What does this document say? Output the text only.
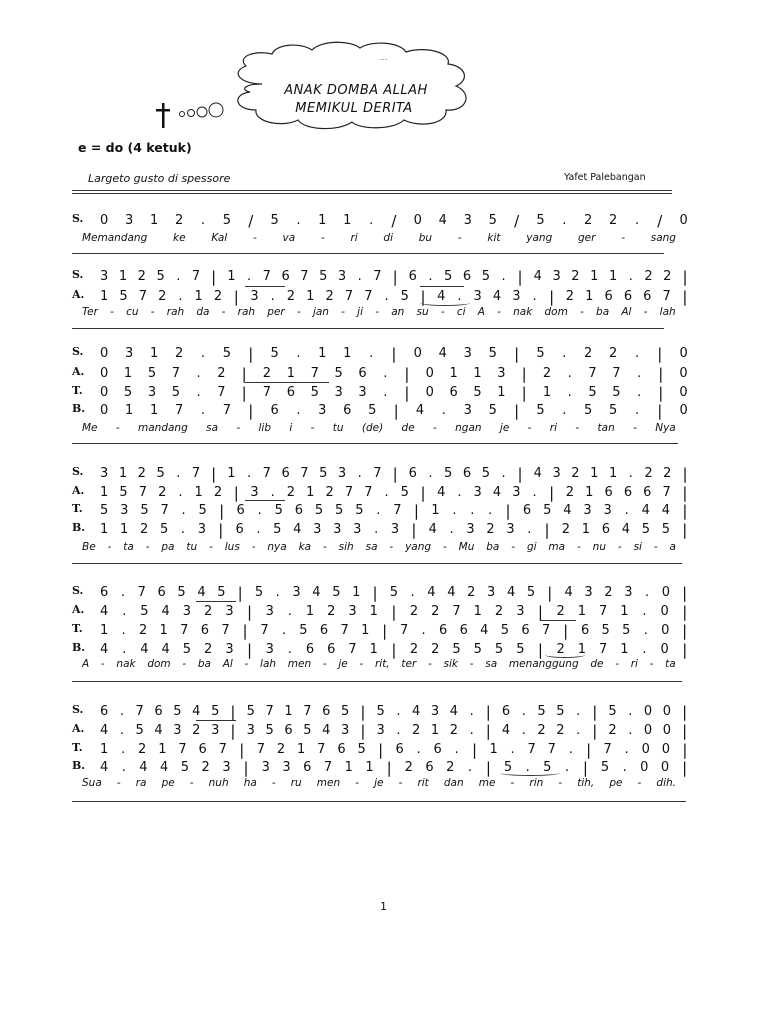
ANAK DOMBA ALLAH
MEMIKUL DERITA
...
e = do (4 ketuk)
Largeto gusto di spessore	Yafet Palebangan
S. 0 3 1 2 . 5 / 5 . 1 1 . / 0 4 3 5 / 5 . 2 2 . / 0
Memandang ke Kal - va - ri di bu - kit yang ger - sang
S. 3 1 2 5 . 7 | 1 . 7 6 7 5 3 . 7 | 6 . 5 6 5 . | 4 3 2 1 1 . 2 2 |
A. 1 5 7 2 . 1 2 | 3 . 2 1 2 7 7 . 5 | 4 . 3 4 3 . | 2 1 6 6 6 7 |
Ter - cu - rah da - rah per - jan - ji - an su - ci A - nak dom - ba Al - lah
S. 0 3 1 2 . 5 | 5 . 1 1 . | 0 4 3 5 | 5 . 2 2 . | 0
A. 0 1 5 7 . 2 | 2 1 7 5 6 . | 0 1 1 3 | 2 . 7 7 . | 0
T. 0 5 3 5 . 7 | 7 6 5 3 3 . | 0 6 5 1 | 1 . 5 5 . | 0
B. 0 1 1 7 . 7 | 6 . 3 6 5 | 4 . 3 5 | 5 . 5 5 . | 0
Me - mandang sa - lib i - tu (de) de - ngan je - ri - tan - Nya
S. 3 1 2 5 . 7 | 1 . 7 6 7 5 3 . 7 | 6 . 5 6 5 . | 4 3 2 1 1 . 2 2 |
A. 1 5 7 2 . 1 2 | 3 . 2 1 2 7 7 . 5 | 4 . 3 4 3 . | 2 1 6 6 6 7 |
T. 5 3 5 7 . 5 | 6 . 5 6 5 5 5 . 7 | 1 . . . | 6 5 4 3 3 . 4 4 |
B. 1 1 2 5 . 3 | 6 . 5 4 3 3 3 . 3 | 4 . 3 2 3 . | 2 1 6 4 5 5 |
Be - ta - pa tu - lus - nya ka - sih sa - yang - Mu ba - gi ma - nu - si - a
S. 6 . 7 6 5 4 5 | 5 . 3 4 5 1 | 5 . 4 4 2 3 4 5 | 4 3 2 3 . 0 |
A. 4 . 5 4 3 2 3 | 3 . 1 2 3 1 | 2 2 7 1 2 3 | 2 1 7 1 . 0 |
T. 1 . 2 1 7 6 7 | 7 . 5 6 7 1 | 7 . 6 6 4 5 6 7 | 6 5 5 . 0 |
B. 4 . 4 4 5 2 3 | 3 . 6 6 7 1 | 2 2 5 5 5 5 | 2 1 7 1 . 0 |
A - nak dom - ba Al - lah men - je - rit, ter - sik - sa menanggung de - ri - ta
S. 6 . 7 6 5 4 5 | 5 7 1 7 6 5 | 5 . 4 3 4 . | 6 . 5 5 . | 5 . 0 0 |
A. 4 . 5 4 3 2 3 | 3 5 6 5 4 3 | 3 . 2 1 2 . | 4 . 2 2 . | 2 . 0 0 |
T. 1 . 2 1 7 6 7 | 7 2 1 7 6 5 | 6 . 6 . | 1 . 7 7 . | 7 . 0 0 |
B. 4 . 4 4 5 2 3 | 3 3 6 7 1 1 | 2 6 2 . | 5 . 5 . | 5 . 0 0 |
Sua - ra pe - nuh ha - ru men - je - rit dan me - rin - tih, pe - dih.
1
